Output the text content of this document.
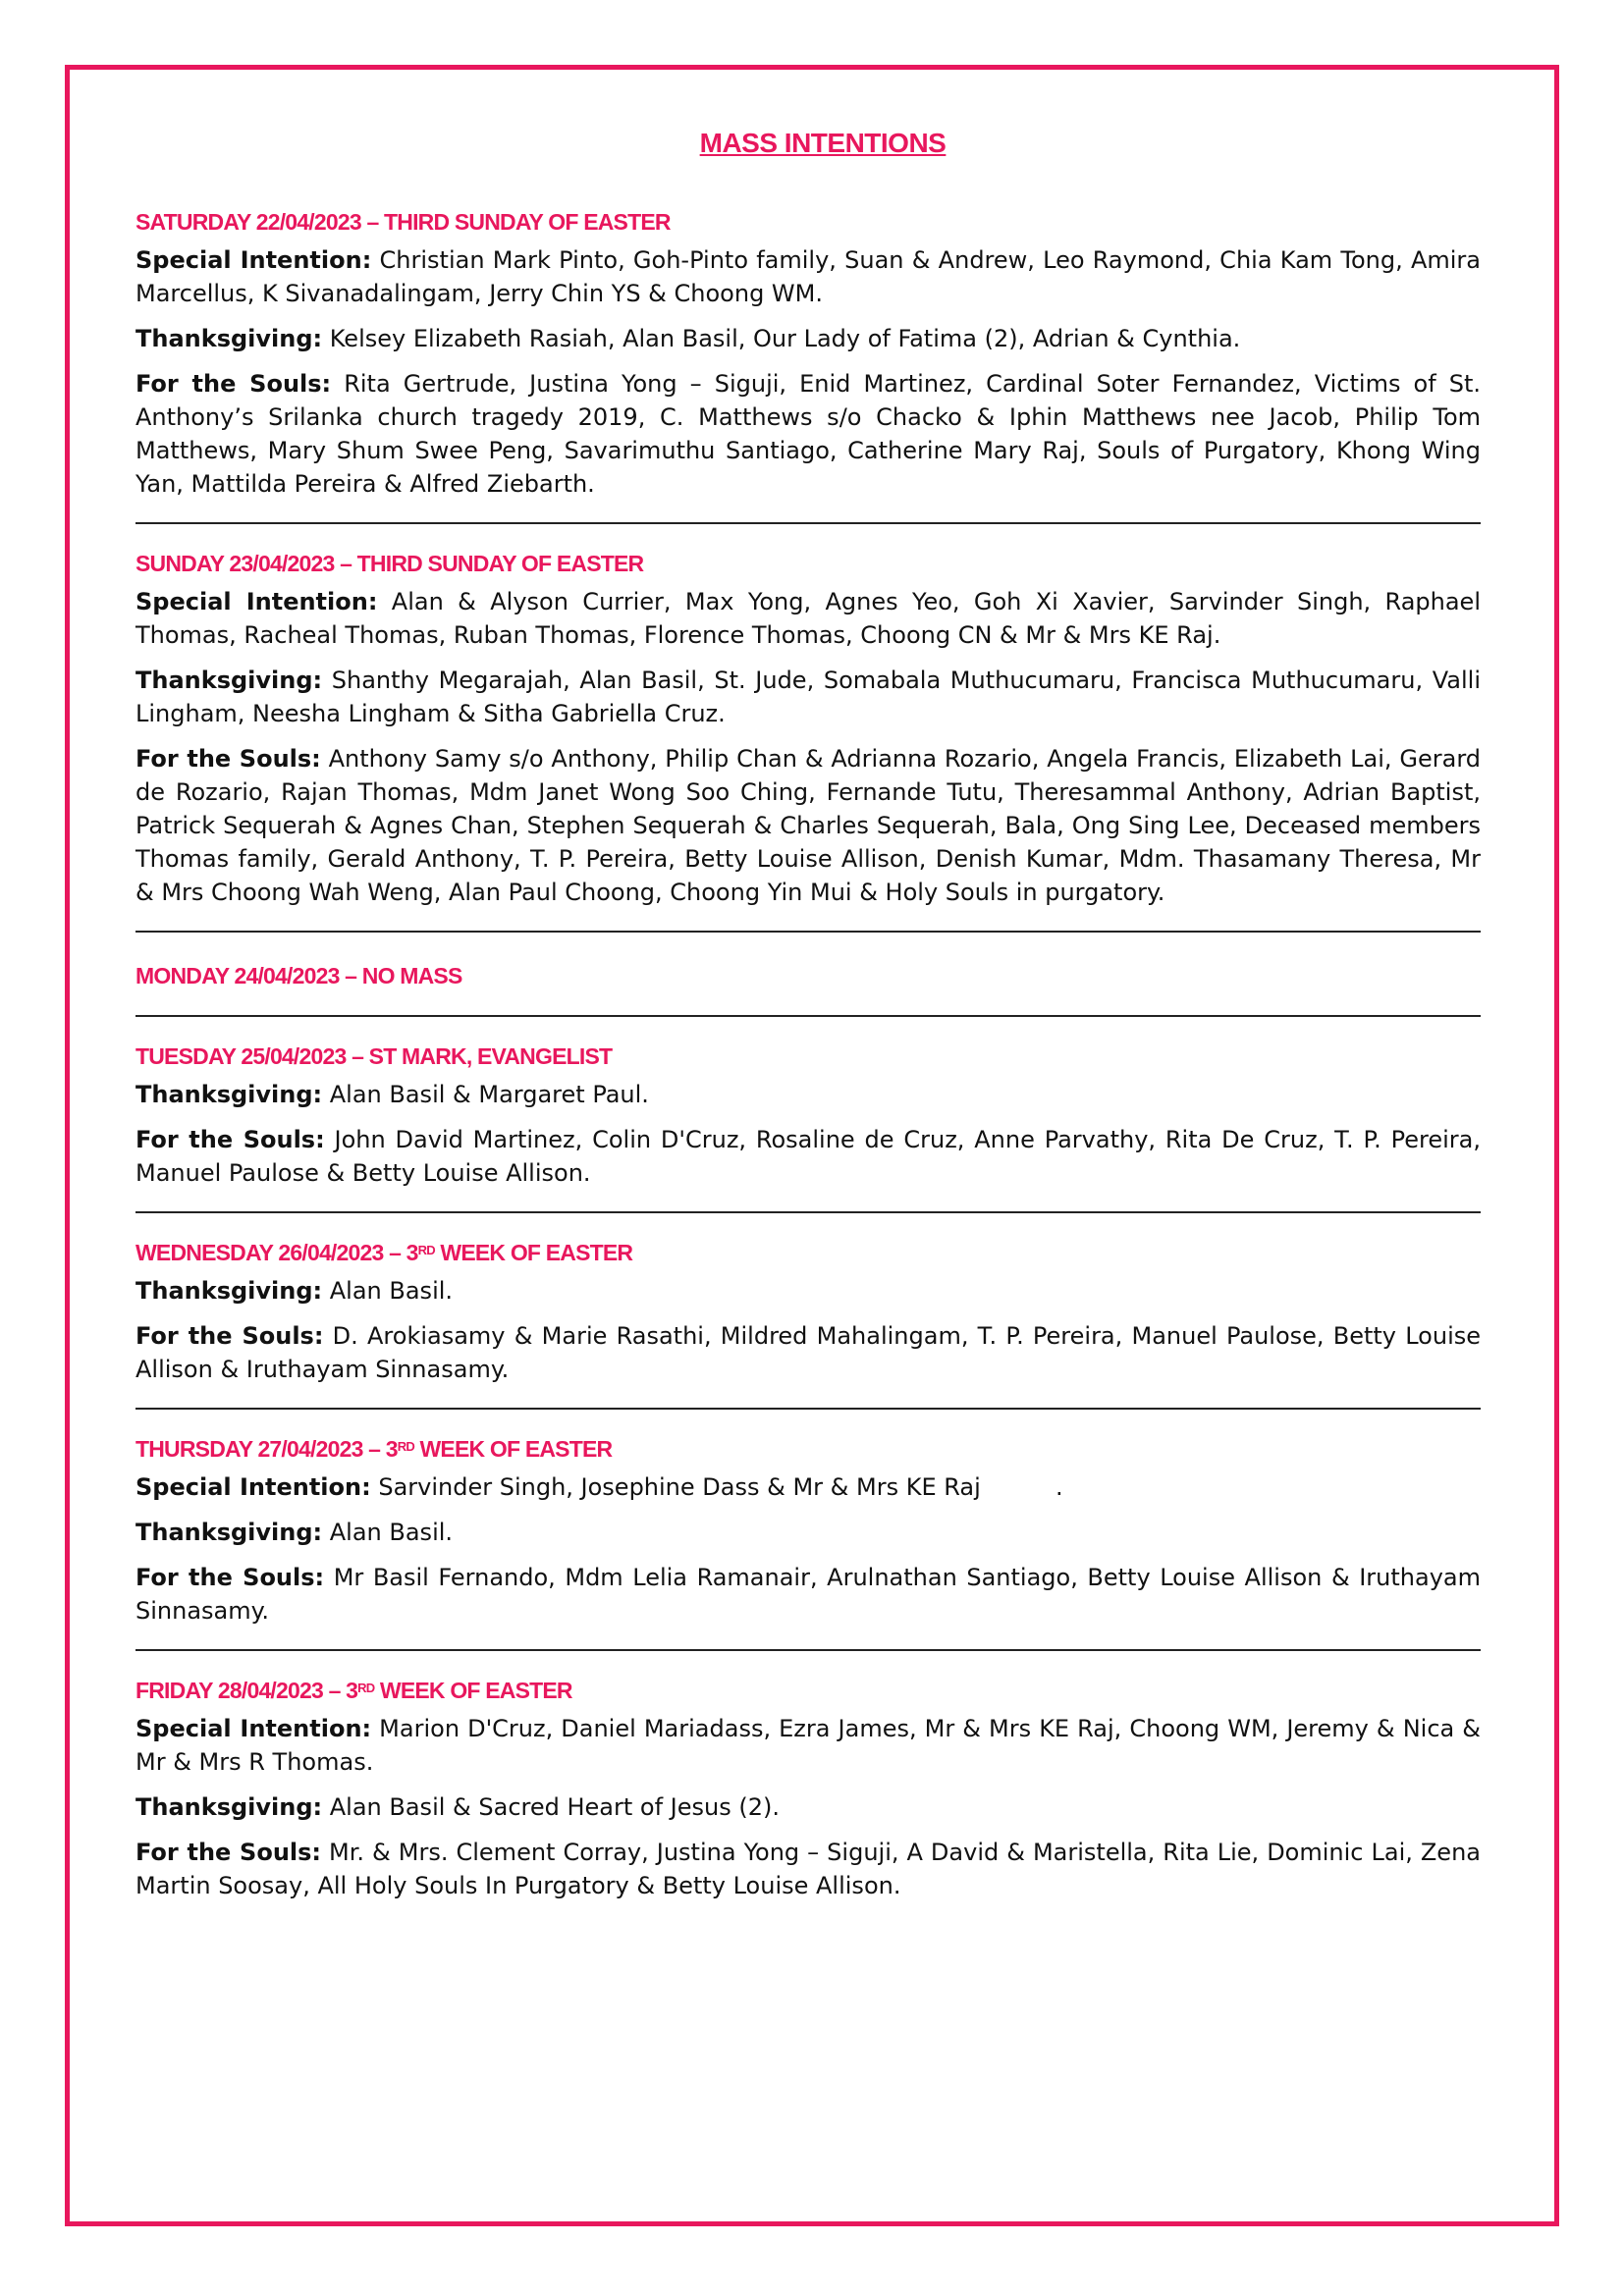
MASS INTENTIONS
SATURDAY 22/04/2023 – THIRD SUNDAY OF EASTER

Special Intention: Christian Mark Pinto, Goh-Pinto family, Suan & Andrew, Leo Raymond, Chia Kam Tong, Amira Marcellus, K Sivanadalingam, Jerry Chin YS & Choong WM.

Thanksgiving: Kelsey Elizabeth Rasiah, Alan Basil, Our Lady of Fatima (2), Adrian & Cynthia.

For the Souls: Rita Gertrude, Justina Yong – Siguji, Enid Martinez, Cardinal Soter Fernandez, Victims of St. Anthony’s Srilanka church tragedy 2019, C. Matthews s/o Chacko & Iphin Matthews nee Jacob, Philip Tom Matthews, Mary Shum Swee Peng, Savarimuthu Santiago, Catherine Mary Raj, Souls of Purgatory, Khong Wing Yan, Mattilda Pereira & Alfred Ziebarth.

SUNDAY 23/04/2023 – THIRD SUNDAY OF EASTER

Special Intention: Alan & Alyson Currier, Max Yong, Agnes Yeo, Goh Xi Xavier, Sarvinder Singh, Raphael Thomas, Racheal Thomas, Ruban Thomas, Florence Thomas, Choong CN & Mr & Mrs KE Raj.

Thanksgiving: Shanthy Megarajah, Alan Basil, St. Jude, Somabala Muthucumaru, Francisca Muthucumaru, Valli Lingham, Neesha Lingham & Sitha Gabriella Cruz.

For the Souls: Anthony Samy s/o Anthony, Philip Chan & Adrianna Rozario, Angela Francis, Elizabeth Lai, Gerard de Rozario, Rajan Thomas, Mdm Janet Wong Soo Ching, Fernande Tutu, Theresammal Anthony, Adrian Baptist, Patrick Sequerah & Agnes Chan, Stephen Sequerah & Charles Sequerah, Bala, Ong Sing Lee, Deceased members Thomas family, Gerald Anthony, T. P. Pereira, Betty Louise Allison, Denish Kumar, Mdm. Thasamany Theresa, Mr & Mrs Choong Wah Weng, Alan Paul Choong, Choong Yin Mui & Holy Souls in purgatory.

MONDAY 24/04/2023 – NO MASS
TUESDAY 25/04/2023 – ST MARK, EVANGELIST

Thanksgiving: Alan Basil & Margaret Paul.

For the Souls: John David Martinez, Colin D'Cruz, Rosaline de Cruz, Anne Parvathy, Rita De Cruz, T. P. Pereira, Manuel Paulose & Betty Louise Allison.

WEDNESDAY 26/04/2023 – 3RD WEEK OF EASTER

Thanksgiving: Alan Basil.

For the Souls: D. Arokiasamy & Marie Rasathi, Mildred Mahalingam, T. P. Pereira, Manuel Paulose, Betty Louise Allison & Iruthayam Sinnasamy.

THURSDAY 27/04/2023 – 3RD WEEK OF EASTER

Special Intention: Sarvinder Singh, Josephine Dass & Mr & Mrs KE Raj          .

Thanksgiving: Alan Basil.

For the Souls: Mr Basil Fernando, Mdm Lelia Ramanair, Arulnathan Santiago, Betty Louise Allison & Iruthayam Sinnasamy.

FRIDAY 28/04/2023 – 3RD WEEK OF EASTER

Special Intention: Marion D'Cruz, Daniel Mariadass, Ezra James, Mr & Mrs KE Raj, Choong WM, Jeremy & Nica & Mr & Mrs R Thomas.

Thanksgiving: Alan Basil & Sacred Heart of Jesus (2).

For the Souls: Mr. & Mrs. Clement Corray, Justina Yong – Siguji, A David & Maristella, Rita Lie, Dominic Lai, Zena Martin Soosay, All Holy Souls In Purgatory & Betty Louise Allison.
